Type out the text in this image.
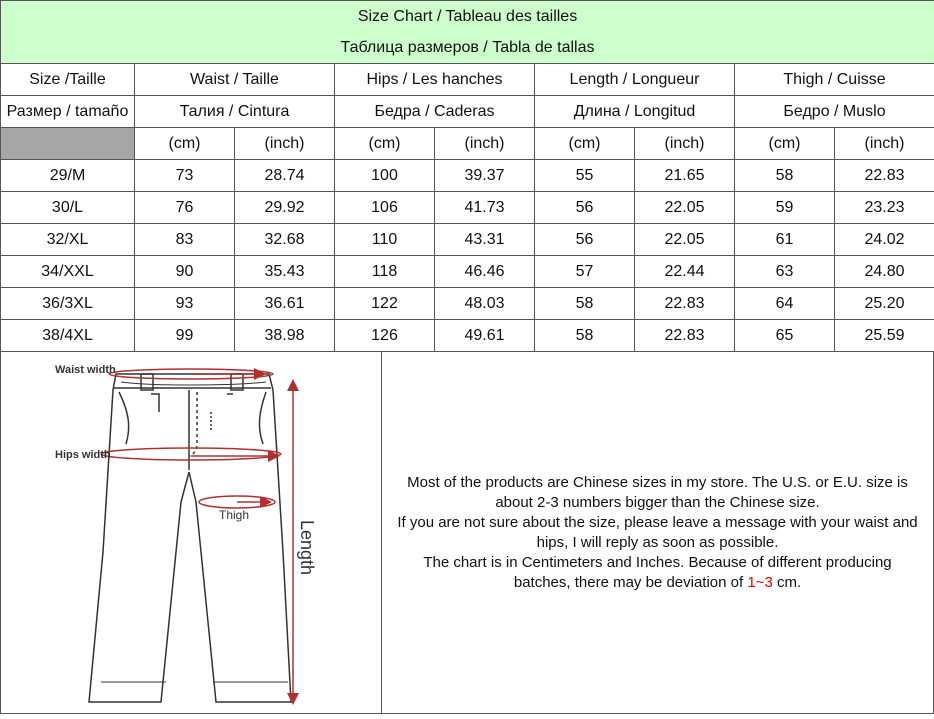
Size Chart / Tableau des tailles								
Таблица размеров / Tabla de tallas								
Size /Taille	Waist / Taille		Hips / Les hanches		Length / Longueur		Thigh / Cuisse	
Размер / tamaño	Талия / Cintura		Бедра / Caderas		Длина / Longitud		Бедро / Muslo	
	(cm)	(inch)	(cm)	(inch)	(cm)	(inch)	(cm)	(inch)
29/M	73	28.74	100	39.37	55	21.65	58	22.83
30/L	76	29.92	106	41.73	56	22.05	59	23.23
32/XL	83	32.68	110	43.31	56	22.05	61	24.02
34/XXL	90	35.43	118	46.46	57	22.44	63	24.80
36/3XL	93	36.61	122	48.03	58	22.83	64	25.20
38/4XL	99	38.98	126	49.61	58	22.83	65	25.59
Waist width
Hips width
Thigh
Length
Most of the products are Chinese sizes in my store. The U.S. or E.U. size is
about 2-3 numbers bigger than the Chinese size.
If you are not sure about the size, please leave a message with your waist and
hips, I will reply as soon as possible.
The chart is in Centimeters and Inches. Because of different producing
batches, there may be deviation of 1~3 cm.
